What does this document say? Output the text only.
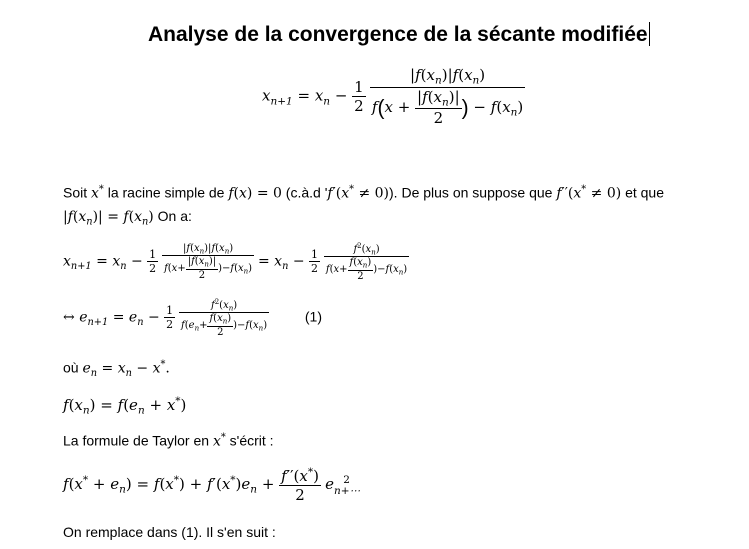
Analyse de la convergence de la sécante modifiée
$x_{n+1} = x_n - \frac{1}{2}$
$\frac{|f(x_n)|f(x_n)}{f(x + \frac{|f(x_n)|}{2} ) - f(x_n)}$
Soit x* la racine simple de f(x) = 0 (c.à.d 'f′(x* ≠ 0)). De plus on suppose que f′′(x* ≠ 0) et que
$|f(x_n)| = f(x_n)$ On a:
$x_{n+1} = x_n - \frac{1}{2}$
$\frac{|f(x_n)|f(x_n)}{f(x+ \frac{|f(x_n)|}{2} )-f(x_n)} = x_n - \frac{1}{2}$
$\frac{f^2(x_n)}{f(x+ \frac{f(x_n)}{2} )-f(x_n)}$
↔ $e_{n+1} = e_n - \frac{1}{2}$
$\frac{f^2(x_n)}{f(e_n+ \frac{f(x_n)}{2} )-f(x_n)}$	(1)
où $e_n = x_n - x^*$.
$f(x_n) = f(e_n + x^*)$
La formule de Taylor en x* s'écrit :
$f(x^* + e_n) = f(x^*) + f'(x^*)e_n + \frac{f''(x^*)}{2} e_{n+\cdots}^2$
On remplace dans (1). Il s'en suit :
